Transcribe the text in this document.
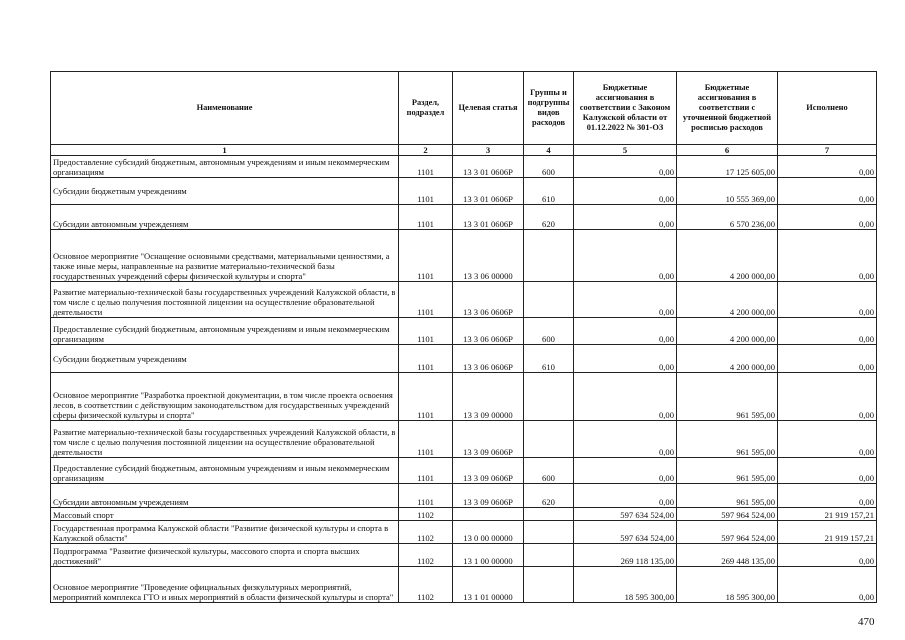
Наименование	Раздел, подраздел	Целевая статья	Группы и подгруппы видов расходов	Бюджетные ассигнования в соответствии с Законом Калужской области от 01.12.2022 № 301-ОЗ	Бюджетные ассигнования в соответствии с уточненной бюджетной росписью расходов	Исполнено
1	2	3	4	5	6	7
Предоставление субсидий бюджетным, автономным учреждениям и иным некоммерческим организациям	1101	13 3 01 0606Р	600	0,00	17 125 605,00	0,00
Субсидии бюджетным учреждениям	1101	13 3 01 0606Р	610	0,00	10 555 369,00	0,00
Субсидии автономным учреждениям	1101	13 3 01 0606Р	620	0,00	6 570 236,00	0,00
Основное мероприятие "Оснащение основными средствами, материальными ценностями, а также иные меры, направленные на развитие материально-технической базы государственных учреждений сферы физической культуры и спорта"	1101	13 3 06 00000		0,00	4 200 000,00	0,00
Развитие материально-технической базы государственных учреждений Калужской области, в том числе с целью получения постоянной лицензии на осуществление образовательной деятельности	1101	13 3 06 0606Р		0,00	4 200 000,00	0,00
Предоставление субсидий бюджетным, автономным учреждениям и иным некоммерческим организациям	1101	13 3 06 0606Р	600	0,00	4 200 000,00	0,00
Субсидии бюджетным учреждениям	1101	13 3 06 0606Р	610	0,00	4 200 000,00	0,00
Основное мероприятие "Разработка проектной документации, в том числе проекта освоения лесов, в соответствии с действующим законодательством для государственных учреждений сферы физической культуры и спорта"	1101	13 3 09 00000		0,00	961 595,00	0,00
Развитие материально-технической базы государственных учреждений Калужской области, в том числе с целью получения постоянной лицензии на осуществление образовательной деятельности	1101	13 3 09 0606Р		0,00	961 595,00	0,00
Предоставление субсидий бюджетным, автономным учреждениям и иным некоммерческим организациям	1101	13 3 09 0606Р	600	0,00	961 595,00	0,00
Субсидии автономным учреждениям	1101	13 3 09 0606Р	620	0,00	961 595,00	0,00
Массовый спорт	1102			597 634 524,00	597 964 524,00	21 919 157,21
Государственная программа Калужской области "Развитие физической культуры и спорта в Калужской области"	1102	13 0 00 00000		597 634 524,00	597 964 524,00	21 919 157,21
Подпрограмма "Развитие физической культуры, массового спорта и спорта высших достижений"	1102	13 1 00 00000		269 118 135,00	269 448 135,00	0,00
Основное мероприятие "Проведение официальных физкультурных мероприятий, мероприятий комплекса ГТО и иных мероприятий в области физической культуры и спорта"	1102	13 1 01 00000		18 595 300,00	18 595 300,00	0,00
470
